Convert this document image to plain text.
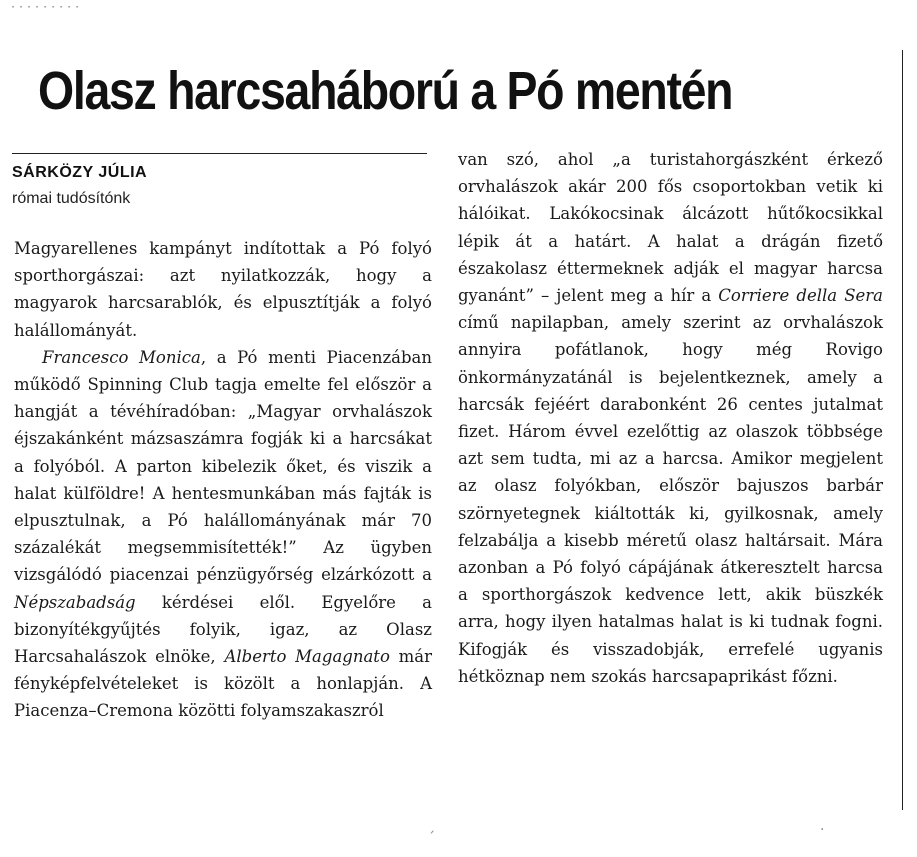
·········
Olasz harcsaháború a Pó mentén
SÁRKÖZY JÚLIA
római tudósítónk

Magyarellenes kampányt indítottak a Pó folyó sporthorgászai: azt nyilatkozzák, hogy a magyarok harcsarablók, és elpusztítják a folyó halállományát.

Francesco Monica, a Pó menti Piacenzában működő Spinning Club tagja emelte fel először a hangját a tévéhíradóban: „Magyar orvhalászok éjszakánként mázsaszámra fogják ki a harcsákat a folyóból. A parton kibelezik őket, és viszik a halat külföldre! A hentesmunkában más fajták is elpusztulnak, a Pó halállományának már 70 százalékát megsemmisítették!” Az ügyben vizsgálódó piacenzai pénzügyőrség elzárkózott a Népszabadság kérdései elől. Egyelőre a bizonyítékgyűjtés folyik, igaz, az Olasz Harcsahalászok elnöke, Alberto Magagnato már fényképfelvételeket is közölt a honlapján. A Piacenza–Cremona közötti folyamszakaszról

van szó, ahol „a turistahorgászként érkező orvhalászok akár 200 fős csoportokban vetik ki hálóikat. Lakókocsinak álcázott hűtőkocsikkal lépik át a határt. A halat a drágán fizető északolasz éttermeknek adják el magyar harcsa gyanánt” – jelent meg a hír a Corriere della Sera című napilapban, amely szerint az orvhalászok annyira pofátlanok, hogy még Rovigo önkormányzatánál is bejelentkeznek, amely a harcsák fejéért darabonként 26 centes jutalmat fizet. Három évvel ezelőttig az olaszok többsége azt sem tudta, mi az a harcsa. Amikor megjelent az olasz folyókban, először bajuszos barbár szörnyetegnek kiáltották ki, gyilkosnak, amely felzabálja a kisebb méretű olasz haltársait. Mára azonban a Pó folyó cápájának átkeresztelt harcsa a sporthorgászok kedvence lett, akik büszkék arra, hogy ilyen hatalmas halat is ki tudnak fogni. Kifogják és visszadobják, errefelé ugyanis hétköznap nem szokás harcsapaprikást főzni.

ˏ	·
